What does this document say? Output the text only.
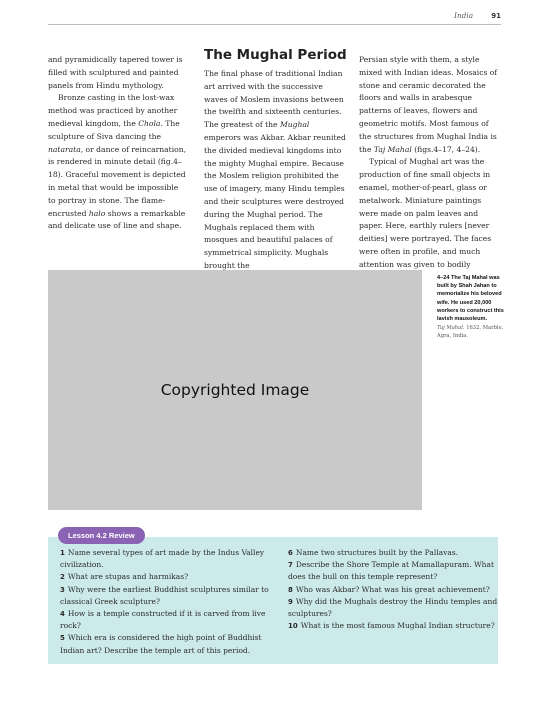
India	91

and pyramidically tapered tower is filled with sculptured and painted panels from Hindu mythology.

Bronze casting in the lost-wax method was practiced by another medieval kingdom, the Chola. The sculpture of Siva dancing the natarata, or dance of reincarnation, is rendered in minute detail (fig.4–18). Graceful movement is depicted in metal that would be impossible to portray in stone. The flame-encrusted halo shows a remarkable and delicate use of line and shape.

The Mughal Period

The final phase of traditional Indian art arrived with the successive waves of Moslem invasions between the twelfth and sixteenth centuries. The greatest of the Mughal emperors was Akbar. Akbar reunited the divided medieval kingdoms into the mighty Mughal empire. Because the Moslem religion prohibited the use of imagery, many Hindu temples and their sculptures were destroyed during the Mughal period. The Mughals replaced them with mosques and beautiful palaces of symmetrical simplicity. Mughals brought the

Persian style with them, a style mixed with Indian ideas. Mosaics of stone and ceramic decorated the floors and walls in arabesque patterns of leaves, flowers and geometric motifs. Most famous of the structures from Mughal India is the Taj Mahal (figs.4–17, 4–24).

Typical of Mughal art was the production of fine small objects in enamel, mother-of-pearl, glass or metalwork. Miniature paintings were made on palm leaves and paper. Here, earthly rulers [never deities] were portrayed. The faces were often in profile, and much attention was given to bodily

Copyrighted Image
4–24 The Taj Mahal was built by Shah Jahan to memorialize his beloved wife. He used 20,000 workers to construct this lavish mausoleum.
Taj Mahal. 1632. Marble. Agra, India.
Lesson 4.2 Review

1 Name several types of art made by the Indus Valley civilization.

2 What are stupas and harmikas?

3 Why were the earliest Buddhist sculptures similar to classical Greek sculpture?

4 How is a temple constructed if it is carved from live rock?

5 Which era is considered the high point of Buddhist Indian art? Describe the temple art of this period.

6 Name two structures built by the Pallavas.

7 Describe the Shore Temple at Mamallapuram. What does the bull on this temple represent?

8 Who was Akbar? What was his great achievement?

9 Why did the Mughals destroy the Hindu temples and sculptures?

10 What is the most famous Mughal Indian structure?
